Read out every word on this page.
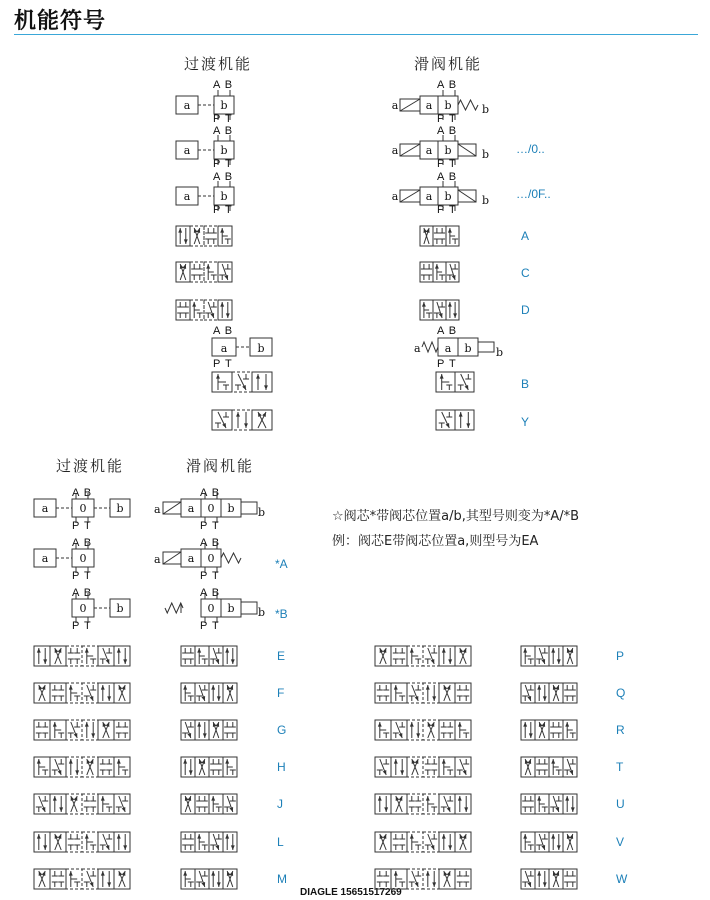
机能符号
过渡机能	滑阀机能
过渡机能	滑阀机能
A B
P T
A B
P T
A B
P T
A B
P T
A B
P T
A B
P T
A B
P T
A B
P T
A B
P T
A B
P T
A B
P T
A B
P T
A B
P T
A B
P T
…/0..
…/0F..
A
C
D
B
Y
*A
*B
☆阀芯*带阀芯位置a/b,其型号则变为*A/*B
例：阀芯E带阀芯位置a,则型号为EA
E
F
G
H
J
L
M
P
Q
R
T
U
V
W
DIAGLE 15651517269
a	b
a	b
a	b
a a b	b
a a b	b
a a b	b
a	b	a a b b
a	0	b
a	0
0	b
a a 0 b b
a a 0
0 b b
